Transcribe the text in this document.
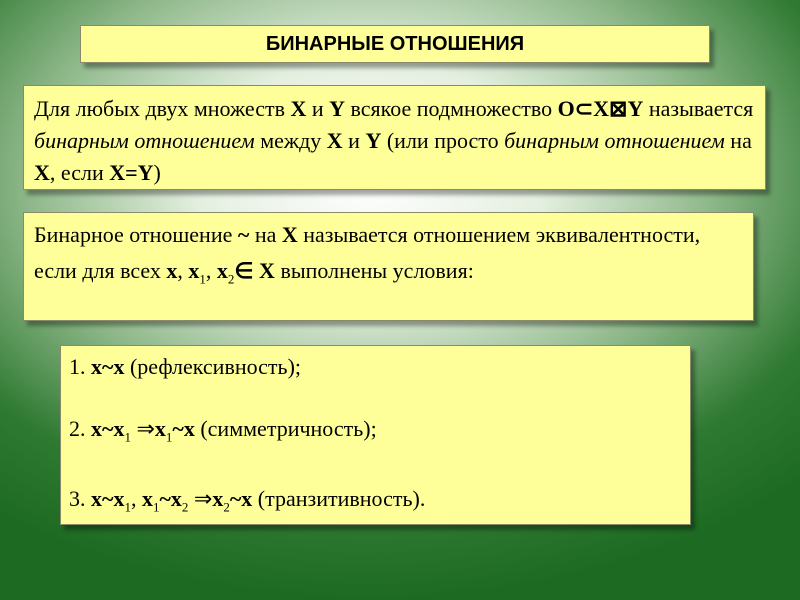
БИНАРНЫЕ ОТНОШЕНИЯ
Для любых двух множеств X и Y всякое подмножество O⊂X⊠Y называется бинарным отношением между X и Y (или просто бинарным отношением на X, если X=Y)
Бинарное отношение ~ на X называется отношением эквивалентности, если для всех x, $x_1$, $x_2\in$ X выполнены условия:
1. x~x (рефлексивность);
2. $x\sim x_1$ $\Rightarrow x_1\sim x$ (симметричность);
3. $x\sim x_1$, $x_1\sim x_2$ $\Rightarrow x_2\sim x$ (транзитивность).
